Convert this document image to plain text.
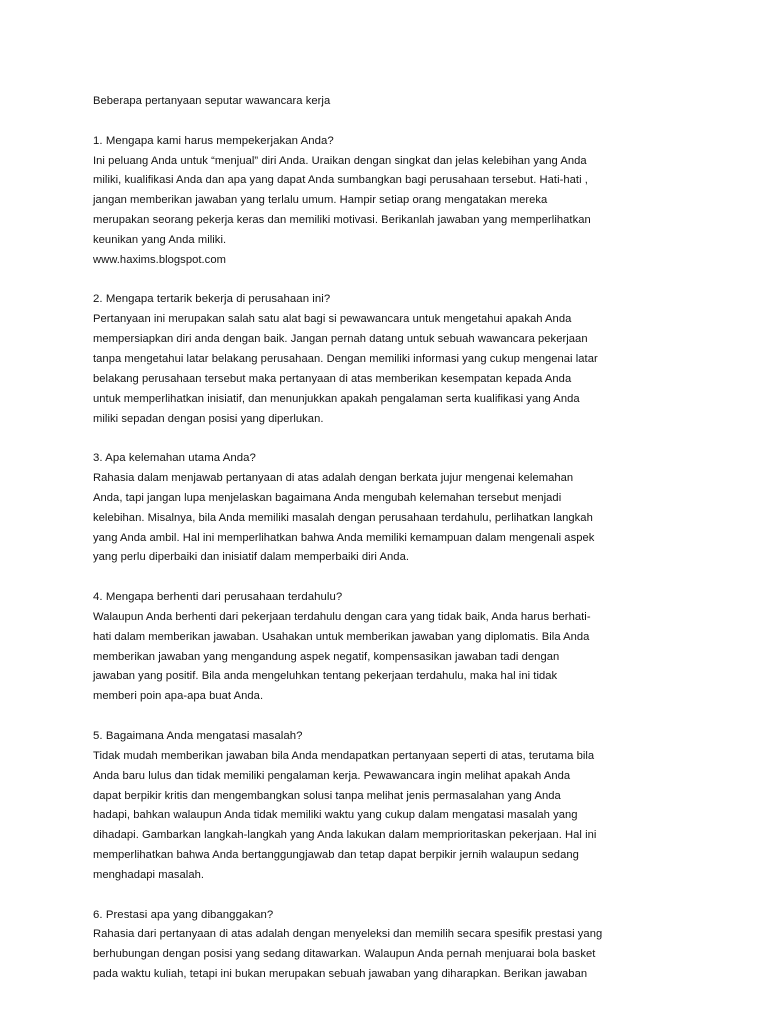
Beberapa pertanyaan seputar wawancara kerja

1. Mengapa kami harus mempekerjakan Anda?

Ini peluang Anda untuk “menjual” diri Anda. Uraikan dengan singkat dan jelas kelebihan yang Anda

miliki, kualifikasi Anda dan apa yang dapat Anda sumbangkan bagi perusahaan tersebut. Hati-hati ,

jangan memberikan jawaban yang terlalu umum. Hampir setiap orang mengatakan mereka

merupakan seorang pekerja keras dan memiliki motivasi. Berikanlah jawaban yang memperlihatkan

keunikan yang Anda miliki.

www.haxims.blogspot.com

2. Mengapa tertarik bekerja di perusahaan ini?

Pertanyaan ini merupakan salah satu alat bagi si pewawancara untuk mengetahui apakah Anda

mempersiapkan diri anda dengan baik. Jangan pernah datang untuk sebuah wawancara pekerjaan

tanpa mengetahui latar belakang perusahaan. Dengan memiliki informasi yang cukup mengenai latar

belakang perusahaan tersebut maka pertanyaan di atas memberikan kesempatan kepada Anda

untuk memperlihatkan inisiatif, dan menunjukkan apakah pengalaman serta kualifikasi yang Anda

miliki sepadan dengan posisi yang diperlukan.

3. Apa kelemahan utama Anda?

Rahasia dalam menjawab pertanyaan di atas adalah dengan berkata jujur mengenai kelemahan

Anda, tapi jangan lupa menjelaskan bagaimana Anda mengubah kelemahan tersebut menjadi

kelebihan. Misalnya, bila Anda memiliki masalah dengan perusahaan terdahulu, perlihatkan langkah

yang Anda ambil. Hal ini memperlihatkan bahwa Anda memiliki kemampuan dalam mengenali aspek

yang perlu diperbaiki dan inisiatif dalam memperbaiki diri Anda.

4. Mengapa berhenti dari perusahaan terdahulu?

Walaupun Anda berhenti dari pekerjaan terdahulu dengan cara yang tidak baik, Anda harus berhati-

hati dalam memberikan jawaban. Usahakan untuk memberikan jawaban yang diplomatis. Bila Anda

memberikan jawaban yang mengandung aspek negatif, kompensasikan jawaban tadi dengan

jawaban yang positif. Bila anda mengeluhkan tentang pekerjaan terdahulu, maka hal ini tidak

memberi poin apa-apa buat Anda.

5. Bagaimana Anda mengatasi masalah?

Tidak mudah memberikan jawaban bila Anda mendapatkan pertanyaan seperti di atas, terutama bila

Anda baru lulus dan tidak memiliki pengalaman kerja. Pewawancara ingin melihat apakah Anda

dapat berpikir kritis dan mengembangkan solusi tanpa melihat jenis permasalahan yang Anda

hadapi, bahkan walaupun Anda tidak memiliki waktu yang cukup dalam mengatasi masalah yang

dihadapi. Gambarkan langkah-langkah yang Anda lakukan dalam memprioritaskan pekerjaan. Hal ini

memperlihatkan bahwa Anda bertanggungjawab dan tetap dapat berpikir jernih walaupun sedang

menghadapi masalah.

6. Prestasi apa yang dibanggakan?

Rahasia dari pertanyaan di atas adalah dengan menyeleksi dan memilih secara spesifik prestasi yang

berhubungan dengan posisi yang sedang ditawarkan. Walaupun Anda pernah menjuarai bola basket

pada waktu kuliah, tetapi ini bukan merupakan sebuah jawaban yang diharapkan. Berikan jawaban
